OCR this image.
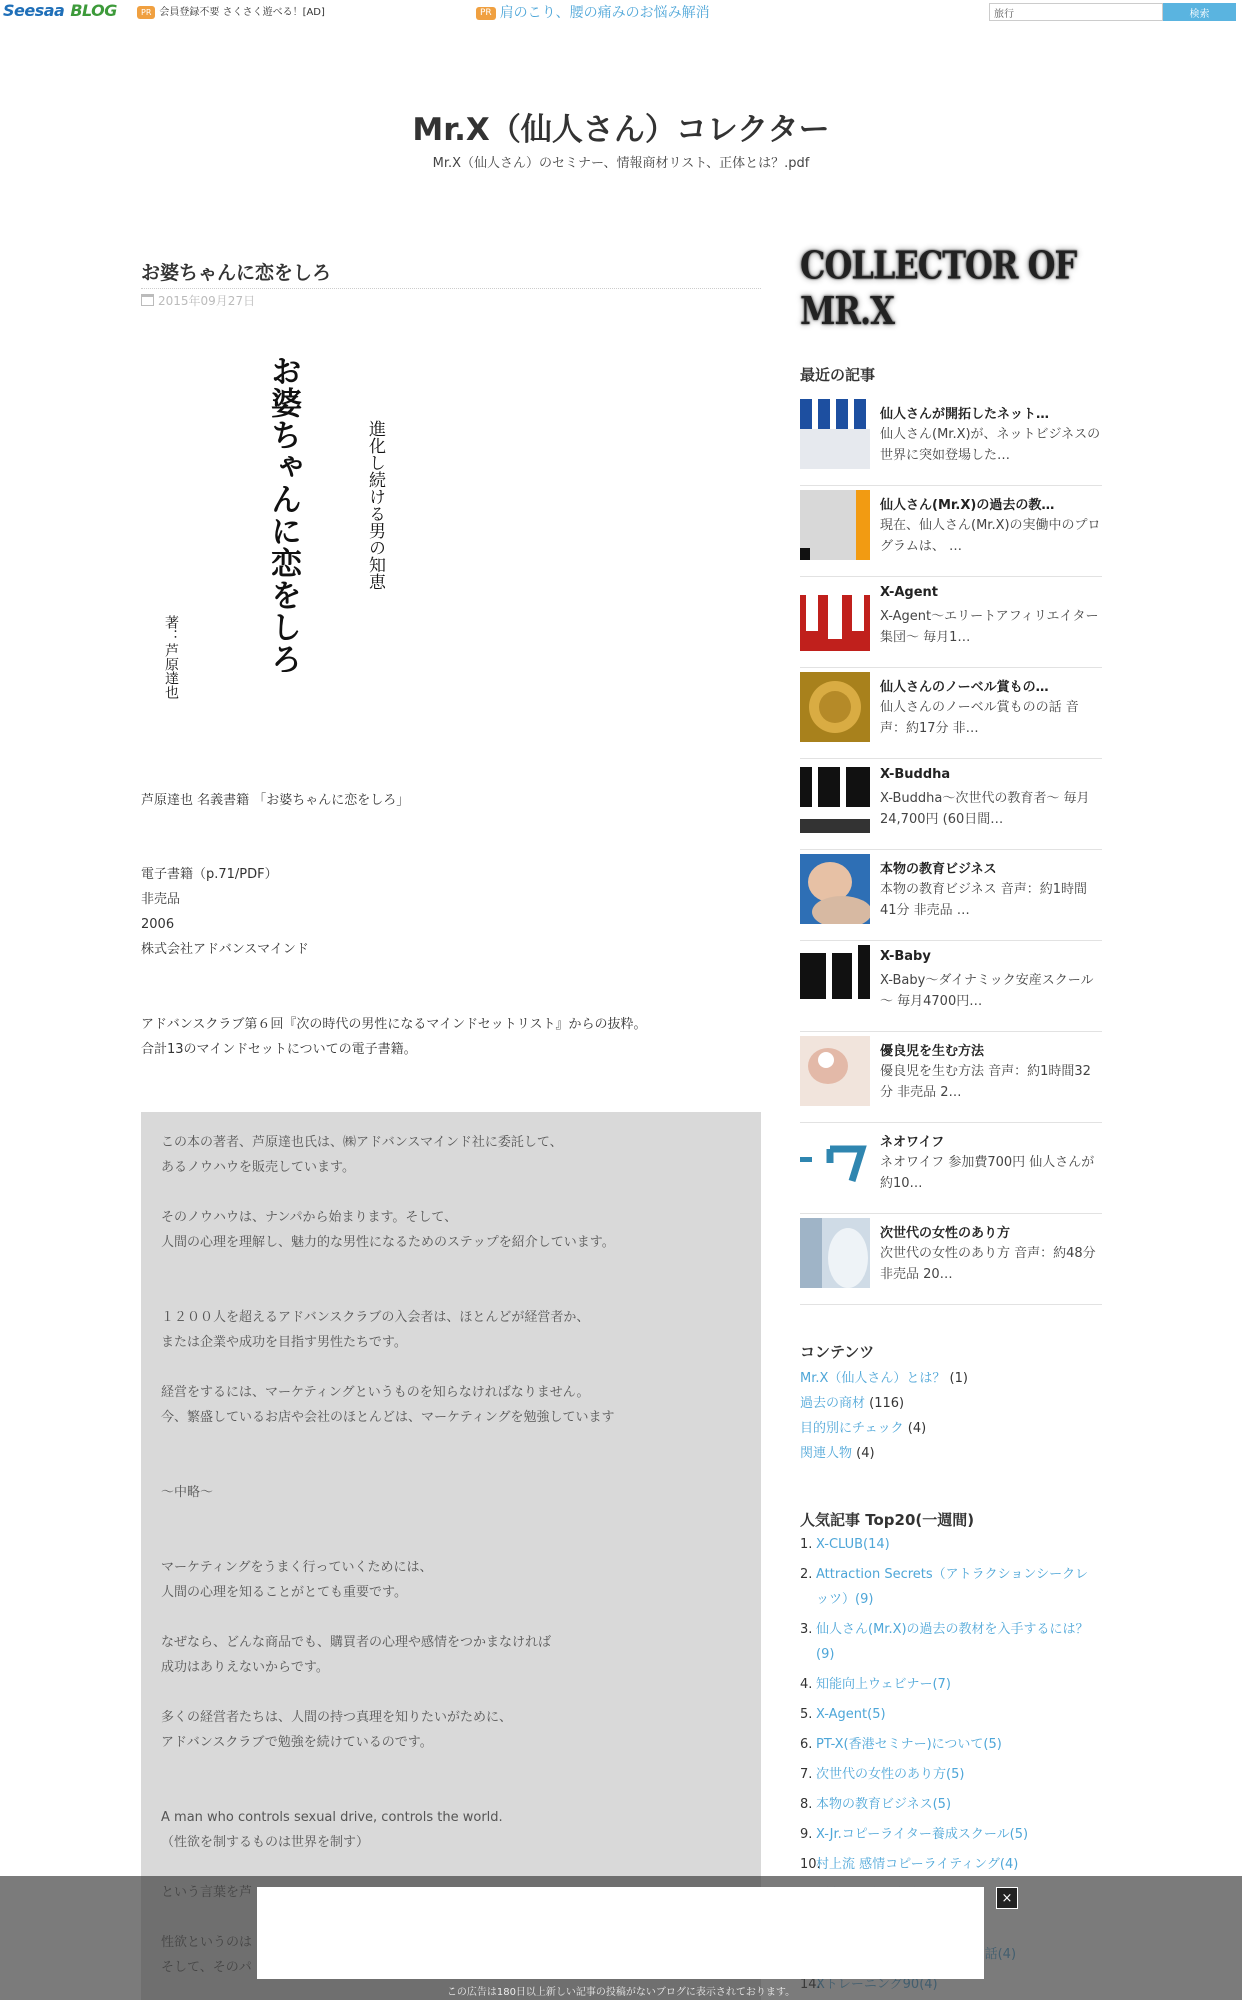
Seesaa BLOG	PR 会員登録不要 さくさく遊べる！[AD]	PR 肩のこり、腰の痛みのお悩み解消
旅行	検索
Mr.X（仙人さん）コレクター
Mr.X（仙人さん）のセミナー、情報商材リスト、正体とは？.pdf
お婆ちゃんに恋をしろ
2015年09月27日
お婆ちゃんに恋をしろ	進化し続ける男の知恵
著：芦原達也
芦原達也 名義書籍 「お婆ちゃんに恋をしろ」
電子書籍（p.71/PDF）
非売品
2006
株式会社アドバンスマインド
アドバンスクラブ第６回『次の時代の男性になるマインドセットリスト』からの抜粋。
合計13のマインドセットについての電子書籍。
この本の著者、芦原達也氏は、㈱アドバンスマインド社に委託して、
あるノウハウを販売しています。

そのノウハウは、ナンパから始まります。そして、
人間の心理を理解し、魅力的な男性になるためのステップを紹介しています。

１２００人を超えるアドバンスクラブの入会者は、ほとんどが経営者か、
または企業や成功を目指す男性たちです。

経営をするには、マーケティングというものを知らなければなりません。
今、繁盛しているお店や会社のほとんどは、マーケティングを勉強しています

～中略～

マーケティングをうまく行っていくためには、
人間の心理を知ることがとても重要です。

なぜなら、どんな商品でも、購買者の心理や感情をつかまなければ
成功はありえないからです。

多くの経営者たちは、人間の持つ真理を知りたいがために、
アドバンスクラブで勉強を続けているのです。

A man who controls sexual drive, controls the world.
（性欲を制するものは世界を制す）

COLLECTOR OF MR.X
最近の記事
仙人さんが開拓したネット…
仙人さん(Mr.X)が、ネットビジネスの世界に突如登場した…
仙人さん(Mr.X)の過去の教…
現在、仙人さん(Mr.X)の実働中のプログラムは、 …
X-Agent
X-Agent～エリートアフィリエイター集団～ 毎月1…
仙人さんのノーベル賞もの…
仙人さんのノーベル賞ものの話 音声：約17分 非…
X-Buddha
X-Buddha～次世代の教育者～ 毎月24,700円 (60日間…
本物の教育ビジネス
本物の教育ビジネス 音声：約1時間41分 非売品 …
X-Baby
X-Baby～ダイナミック安産スクール～ 毎月4700円…
優良児を生む方法
優良児を生む方法 音声：約1時間32分 非売品 2…
ネオワイフ
ネオワイフ 参加費700円 仙人さんが約10…
次世代の女性のあり方
次世代の女性のあり方 音声：約48分 非売品 20…
コンテンツ
Mr.X（仙人さん）とは？ (1)
過去の商材 (116)
目的別にチェック (4)
関連人物 (4)
人気記事 Top20(一週間)
1. X-CLUB(14)
2. Attraction Secrets（アトラクションシークレッツ）(9)
3. 仙人さん(Mr.X)の過去の教材を入手するには？(9)
4. 知能向上ウェビナー(7)
5. X-Agent(5)
6. PT-X(香港セミナー)について(5)
7. 次世代の女性のあり方(5)
8. 本物の教育ビジネス(5)
9. X-Jr.コピーライター養成スクール(5)
10.
村上流 感情コピーライティング(4)
×
この広告は180日以上新しい記事の投稿がないブログに表示されております。
